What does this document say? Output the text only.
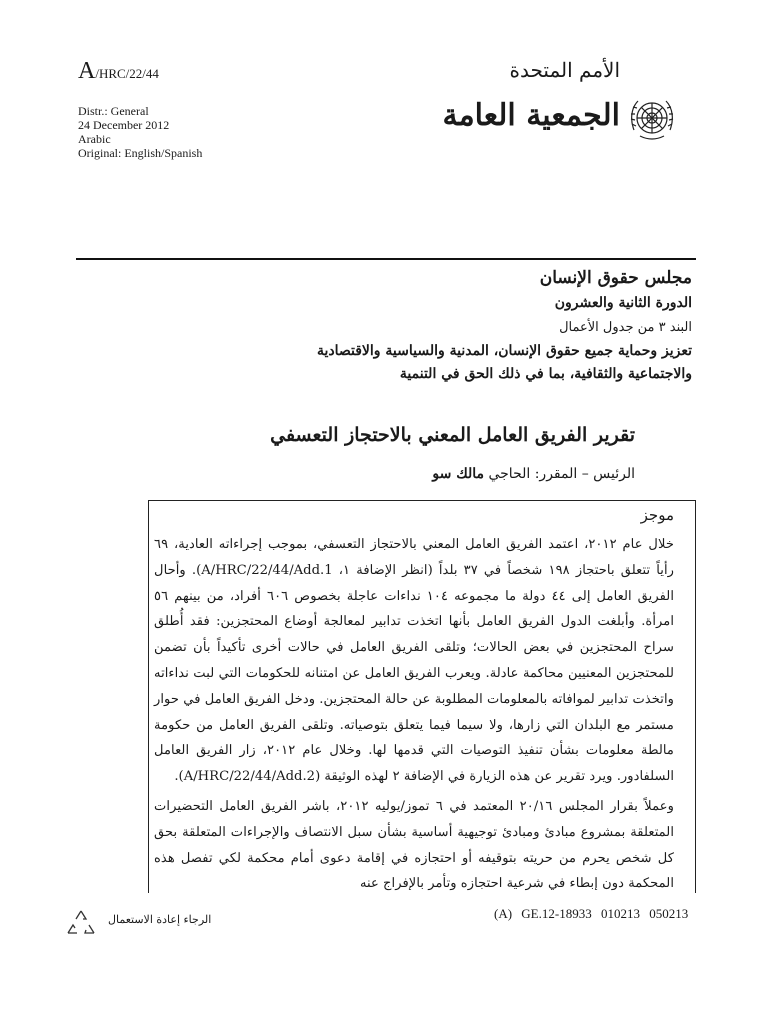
A/HRC/22/44	الأمم المتحدة
Distr.: General
24 December 2012
Arabic
Original: English/Spanish
الجمعية العامة
مجلس حقوق الإنسان
الدورة الثانية والعشرون
البند ٣ من جدول الأعمال
تعزيز وحماية جميع حقوق الإنسان، المدنية والسياسية والاقتصادية
والاجتماعية والثقافية، بما في ذلك الحق في التنمية
تقرير الفريق العامل المعني بالاحتجاز التعسفي
الرئيس – المقرر: الحاجي مالك سو
موجز
خلال عام ٢٠١٢، اعتمد الفريق العامل المعني بالاحتجاز التعسفي، بموجب إجراءاته العادية، ٦٩ رأياً تتعلق باحتجاز ١٩٨ شخصاً في ٣٧ بلداً (انظر الإضافة ١، A/HRC/22/44/Add.1). وأحال الفريق العامل إلى ٤٤ دولة ما مجموعه ١٠٤ نداءات عاجلة بخصوص ٦٠٦ أفراد، من بينهم ٥٦ امرأة. وأبلغت الدول الفريق العامل بأنها اتخذت تدابير لمعالجة أوضاع المحتجزين: فقد أُطلق سراح المحتجزين في بعض الحالات؛ وتلقى الفريق العامل في حالات أخرى تأكيداً بأن تضمن للمحتجزين المعنيين محاكمة عادلة. ويعرب الفريق العامل عن امتنانه للحكومات التي لبت نداءاته واتخذت تدابير لموافاته بالمعلومات المطلوبة عن حالة المحتجزين. ودخل الفريق العامل في حوار مستمر مع البلدان التي زارها، ولا سيما فيما يتعلق بتوصياته. وتلقى الفريق العامل من حكومة مالطة معلومات بشأن تنفيذ التوصيات التي قدمها لها. وخلال عام ٢٠١٢، زار الفريق العامل السلفادور. ويرد تقرير عن هذه الزيارة في الإضافة ٢ لهذه الوثيقة (A/HRC/22/44/Add.2).
وعملاً بقرار المجلس ٢٠/١٦ المعتمد في ٦ تموز/يوليه ٢٠١٢، باشر الفريق العامل التحضيرات المتعلقة بمشروع مبادئ ومبادئ توجيهية أساسية بشأن سبل الانتصاف والإجراءات المتعلقة بحق كل شخص يحرم من حريته بتوقيفه أو احتجازه في إقامة دعوى أمام محكمة لكي تفصل هذه المحكمة دون إبطاء في شرعية احتجازه وتأمر بالإفراج عنه
(A) GE.12-18933 010213 050213
الرجاء إعادة الاستعمال
